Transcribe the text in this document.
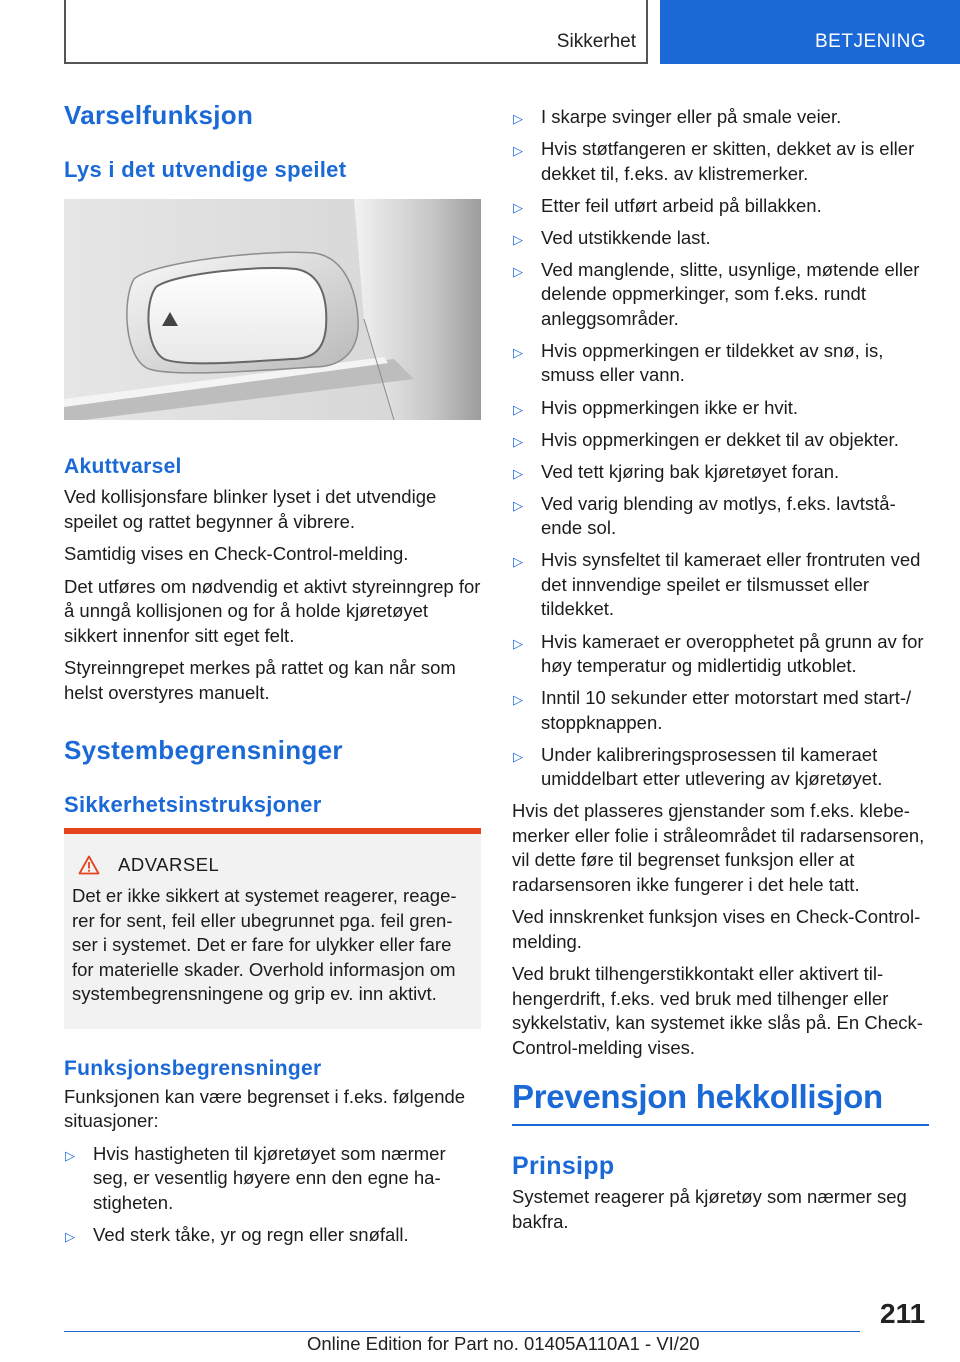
Sikkerhet	BETJENING
Varselfunksjon
Lys i det utvendige speilet
Akuttvarsel

Ved kollisjonsfare blinker lyset i det utvendige speilet og rattet begynner å vibrere.

Samtidig vises en Check-Control-melding.

Det utføres om nødvendig et aktivt styreinngrep for å unngå kollisjonen og for å holde kjøretøyet sikkert innenfor sitt eget felt.

Styreinngrepet merkes på rattet og kan når som helst overstyres manuelt.

Systembegrensninger
Sikkerhetsinstruksjoner
ADVARSEL

Det er ikke sikkert at systemet reagerer, reagerer for sent, feil eller ubegrunnet pga. feil grenser i systemet. Det er fare for ulykker eller fare for materielle skader. Overhold informasjon om systembegrensningene og grip ev. inn aktivt.

Funksjonsbegrensninger

Funksjonen kan være begrenset i f.eks. følgende situasjoner:

▷ Hvis hastigheten til kjøretøyet som nærmer seg, er vesentlig høyere enn den egne hastigheten.
▷ Ved sterk tåke, yr og regn eller snøfall.
▷ I skarpe svinger eller på smale veier.
▷ Hvis støtfangeren er skitten, dekket av is eller dekket til, f.eks. av klistremerker.
▷ Etter feil utført arbeid på billakken.
▷ Ved utstikkende last.
▷ Ved manglende, slitte, usynlige, møtende eller delende oppmerkinger, som f.eks. rundt anleggsområder.
▷ Hvis oppmerkingen er tildekket av snø, is, smuss eller vann.
▷ Hvis oppmerkingen ikke er hvit.
▷ Hvis oppmerkingen er dekket til av objekter.
▷ Ved tett kjøring bak kjøretøyet foran.
▷ Ved varig blending av motlys, f.eks. lavtstående sol.
▷ Hvis synsfeltet til kameraet eller frontruten ved det innvendige speilet er tilsmusset eller tildekket.
▷ Hvis kameraet er overopphetet på grunn av for høy temperatur og midlertidig utkoblet.
▷ Inntil 10 sekunder etter motorstart med start-/ stoppknappen.
▷ Under kalibreringsprosessen til kameraet umiddelbart etter utlevering av kjøretøyet.

Hvis det plasseres gjenstander som f.eks. klebemerker eller folie i stråleområdet til radarsensoren, vil dette føre til begrenset funksjon eller at radarsensoren ikke fungerer i det hele tatt.

Ved innskrenket funksjon vises en Check-Control-melding.

Ved brukt tilhengerstikkontakt eller aktivert tilhengerdrift, f.eks. ved bruk med tilhenger eller sykkelstativ, kan systemet ikke slås på. En Check-Control-melding vises.

Prevensjon hekkollisjon
Prinsipp

Systemet reagerer på kjøretøy som nærmer seg bakfra.

211
Online Edition for Part no. 01405A110A1 - VI/20
